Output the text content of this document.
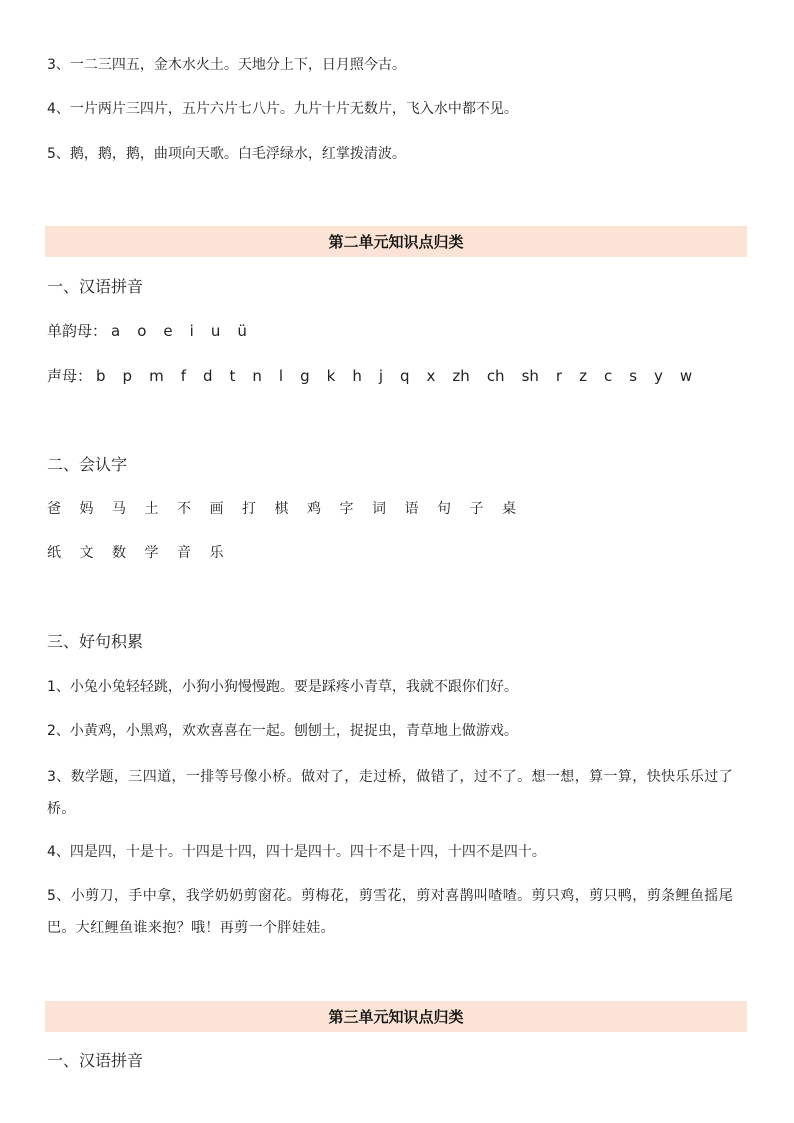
3、一二三四五，金木水火土。天地分上下，日月照今古。
4、一片两片三四片，五片六片七八片。九片十片无数片，飞入水中都不见。
5、鹅，鹅，鹅，曲项向天歌。白毛浮绿水，红掌拨清波。
第二单元知识点归类
一、汉语拼音
单韵母： a o e i u ü
声母： b p m f d t n l g k h j q x zh ch sh r z c s y w
二、会认字
爸 妈 马 土 不 画 打 棋 鸡 字 词 语 句 子 桌
纸 文 数 学 音 乐
三、好句积累
1、小兔小兔轻轻跳，小狗小狗慢慢跑。要是踩疼小青草，我就不跟你们好。
2、小黄鸡，小黑鸡，欢欢喜喜在一起。刨刨土，捉捉虫，青草地上做游戏。
3、数学题，三四道，一排等号像小桥。做对了，走过桥，做错了，过不了。想一想，算一算，快快乐乐过了桥。
4、四是四，十是十。十四是十四，四十是四十。四十不是十四，十四不是四十。
5、小剪刀，手中拿，我学奶奶剪窗花。剪梅花，剪雪花，剪对喜鹊叫喳喳。剪只鸡，剪只鸭，剪条鲤鱼摇尾巴。大红鲤鱼谁来抱？哦！再剪一个胖娃娃。
第三单元知识点归类
一、汉语拼音
